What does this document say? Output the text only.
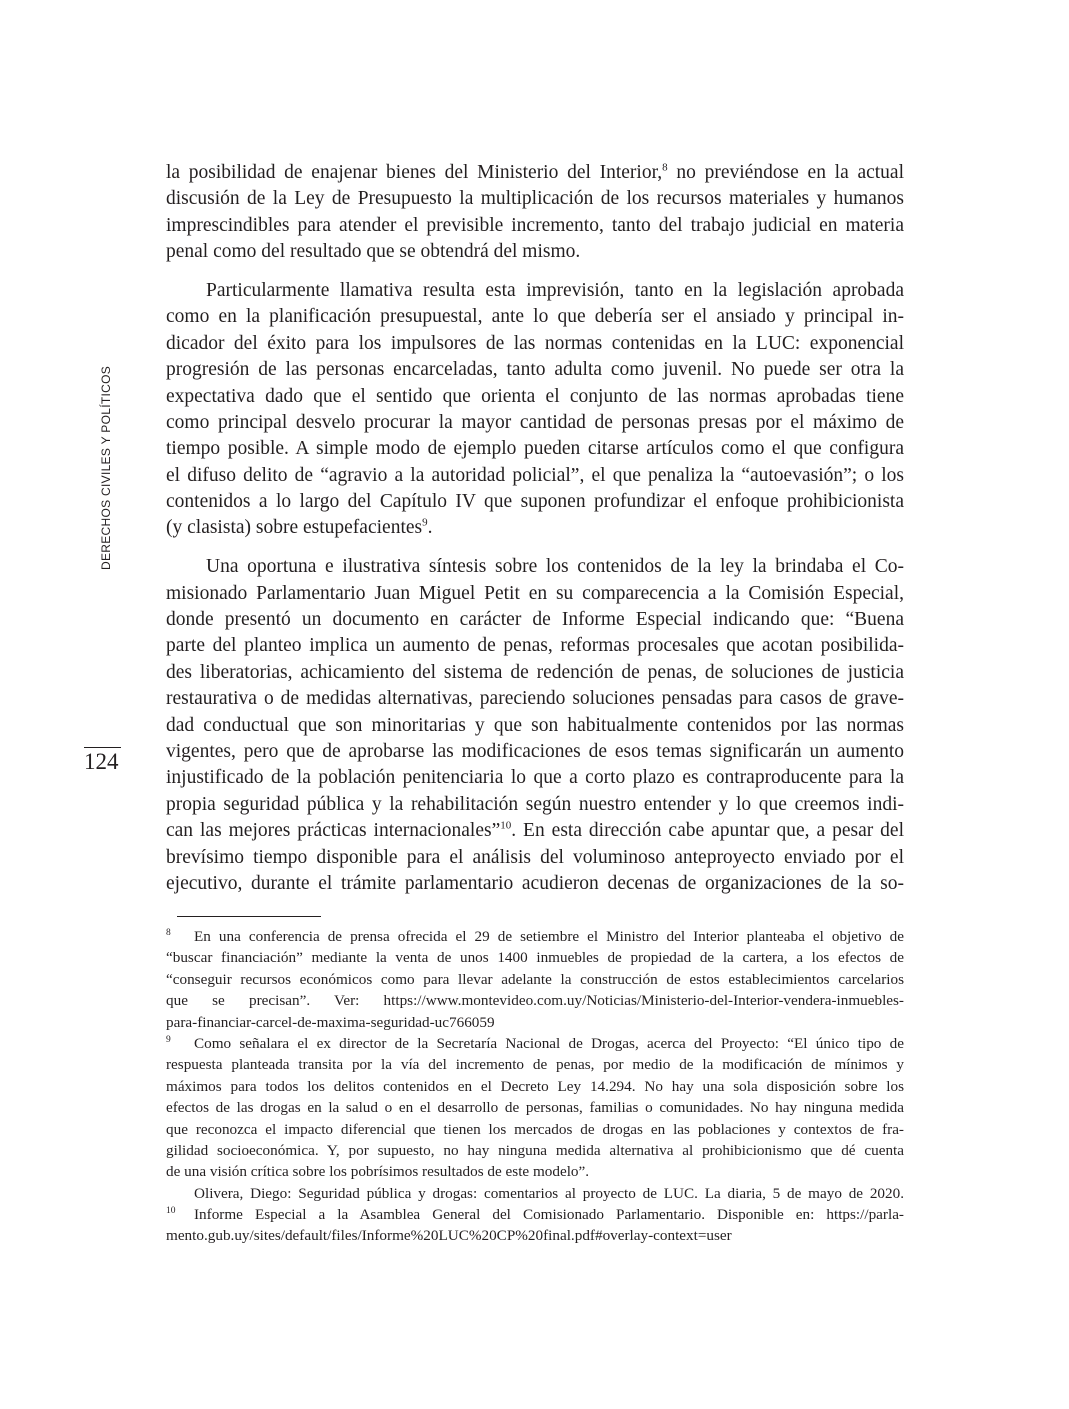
DERECHOS CIVILES Y POLÍTICOS
124
la posibilidad de enajenar bienes del Ministerio del Interior,$^8$ no previéndose en la actual
discusión de la Ley de Presupuesto la multiplicación de los recursos materiales y humanos
imprescindibles para atender el previsible incremento, tanto del trabajo judicial en materia
penal como del resultado que se obtendrá del mismo.
Particularmente llamativa resulta esta imprevisión, tanto en la legislación aprobada
como en la planificación presupuestal, ante lo que debería ser el ansiado y principal in-
dicador del éxito para los impulsores de las normas contenidas en la LUC: exponencial
progresión de las personas encarceladas, tanto adulta como juvenil. No puede ser otra la
expectativa dado que el sentido que orienta el conjunto de las normas aprobadas tiene
como principal desvelo procurar la mayor cantidad de personas presas por el máximo de
tiempo posible. A simple modo de ejemplo pueden citarse artículos como el que configura
el difuso delito de “agravio a la autoridad policial”, el que penaliza la “autoevasión”; o los
contenidos a lo largo del Capítulo IV que suponen profundizar el enfoque prohibicionista
(y clasista) sobre estupefacientes$^9$.
Una oportuna e ilustrativa síntesis sobre los contenidos de la ley la brindaba el Co-
misionado Parlamentario Juan Miguel Petit en su comparecencia a la Comisión Especial,
donde presentó un documento en carácter de Informe Especial indicando que: “Buena
parte del planteo implica un aumento de penas, reformas procesales que acotan posibilida-
des liberatorias, achicamiento del sistema de redención de penas, de soluciones de justicia
restaurativa o de medidas alternativas, pareciendo soluciones pensadas para casos de grave-
dad conductual que son minoritarias y que son habitualmente contenidos por las normas
vigentes, pero que de aprobarse las modificaciones de esos temas significarán un aumento
injustificado de la población penitenciaria lo que a corto plazo es contraproducente para la
propia seguridad pública y la rehabilitación según nuestro entender y lo que creemos indi-
can las mejores prácticas internacionales”$^{10}$. En esta dirección cabe apuntar que, a pesar del
brevísimo tiempo disponible para el análisis del voluminoso anteproyecto enviado por el
ejecutivo, durante el trámite parlamentario acudieron decenas de organizaciones de la so-
8 En una conferencia de prensa ofrecida el 29 de setiembre el Ministro del Interior planteaba el objetivo de
“buscar financiación” mediante la venta de unos 1400 inmuebles de propiedad de la cartera, a los efectos de
“conseguir recursos económicos como para llevar adelante la construcción de estos establecimientos carcelarios
que se precisan”. Ver: https://www.montevideo.com.uy/Noticias/Ministerio-del-Interior-vendera-inmuebles-
para-financiar-carcel-de-maxima-seguridad-uc766059
9 Como señalara el ex director de la Secretaría Nacional de Drogas, acerca del Proyecto: “El único tipo de
respuesta planteada transita por la vía del incremento de penas, por medio de la modificación de mínimos y
máximos para todos los delitos contenidos en el Decreto Ley 14.294. No hay una sola disposición sobre los
efectos de las drogas en la salud o en el desarrollo de personas, familias o comunidades. No hay ninguna medida
que reconozca el impacto diferencial que tienen los mercados de drogas en las poblaciones y contextos de fra-
gilidad socioeconómica. Y, por supuesto, no hay ninguna medida alternativa al prohibicionismo que dé cuenta
de una visión crítica sobre los pobrísimos resultados de este modelo”.
Olivera, Diego: Seguridad pública y drogas: comentarios al proyecto de LUC. La diaria, 5 de mayo de 2020.
10 Informe Especial a la Asamblea General del Comisionado Parlamentario. Disponible en: https://parla-
mento.gub.uy/sites/default/files/Informe%20LUC%20CP%20final.pdf#overlay-context=user
